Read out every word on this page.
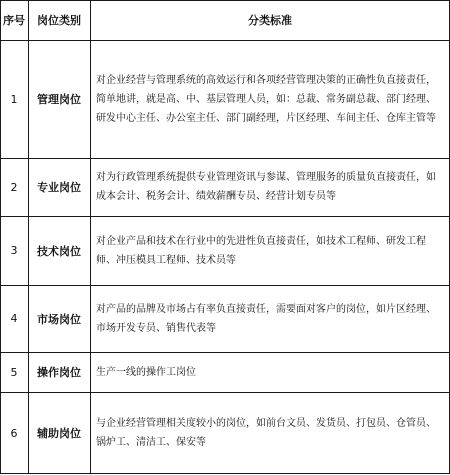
序号 岗位类别	分类标准
1 管理岗位
对企业经营与管理系统的高效运行和各项经营管理决策的正确性负直接责任，简单地讲，就是高、中、基层管理人员，如：总裁、常务副总裁、部门经理、研发中心主任、办公室主任、部门副经理，片区经理、车间主任、仓库主管等
2 专业岗位
对为行政管理系统提供专业管理资讯与参谋、管理服务的质量负直接责任，如成本会计、税务会计、绩效薪酬专员、经营计划专员等
3 技术岗位
对企业产品和技术在行业中的先进性负直接责任，如技术工程师、研发工程师、冲压模具工程师、技术员等
4 市场岗位
对产品的品牌及市场占有率负直接责任，需要面对客户的岗位，如片区经理、市场开发专员、销售代表等
5 操作岗位 生产一线的操作工岗位
6 辅助岗位
与企业经营管理相关度较小的岗位，如前台文员、发货员、打包员、仓管员、锅炉工、清洁工、保安等
